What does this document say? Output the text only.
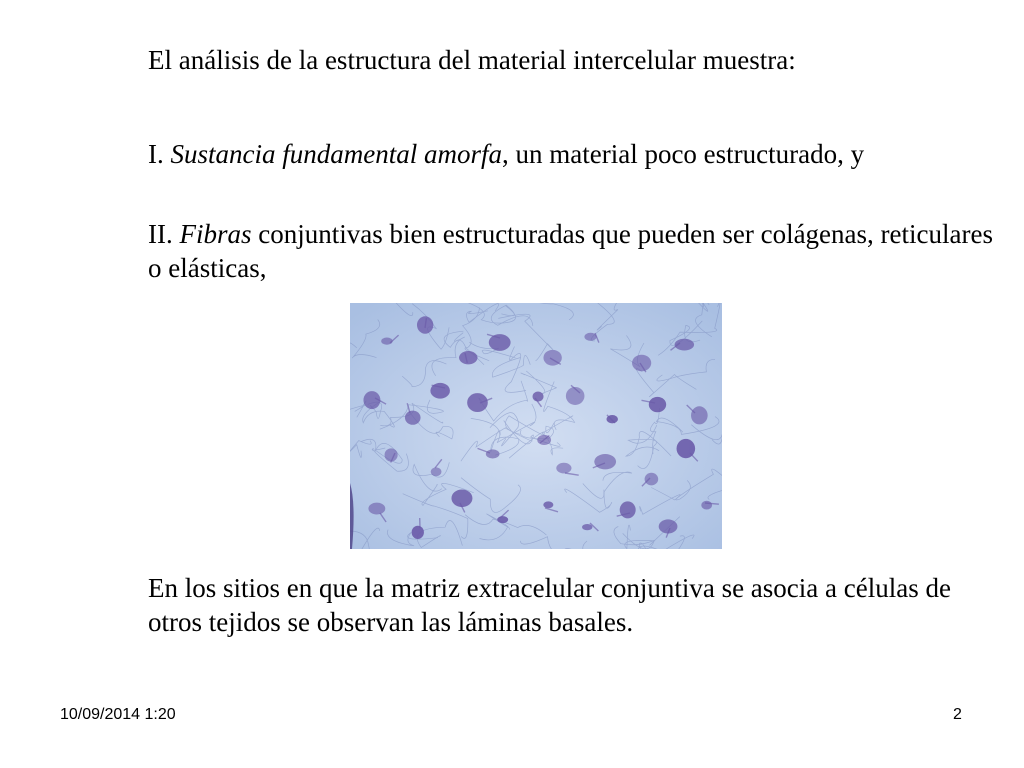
El análisis de la estructura del material intercelular muestra:

I. Sustancia fundamental amorfa, un material poco estructurado, y

II. Fibras conjuntivas bien estructuradas que pueden ser colágenas, reticulares o elásticas,

En los sitios en que la matriz extracelular conjuntiva se asocia a células de otros tejidos se observan las láminas basales.

10/09/2014 1:20	2
